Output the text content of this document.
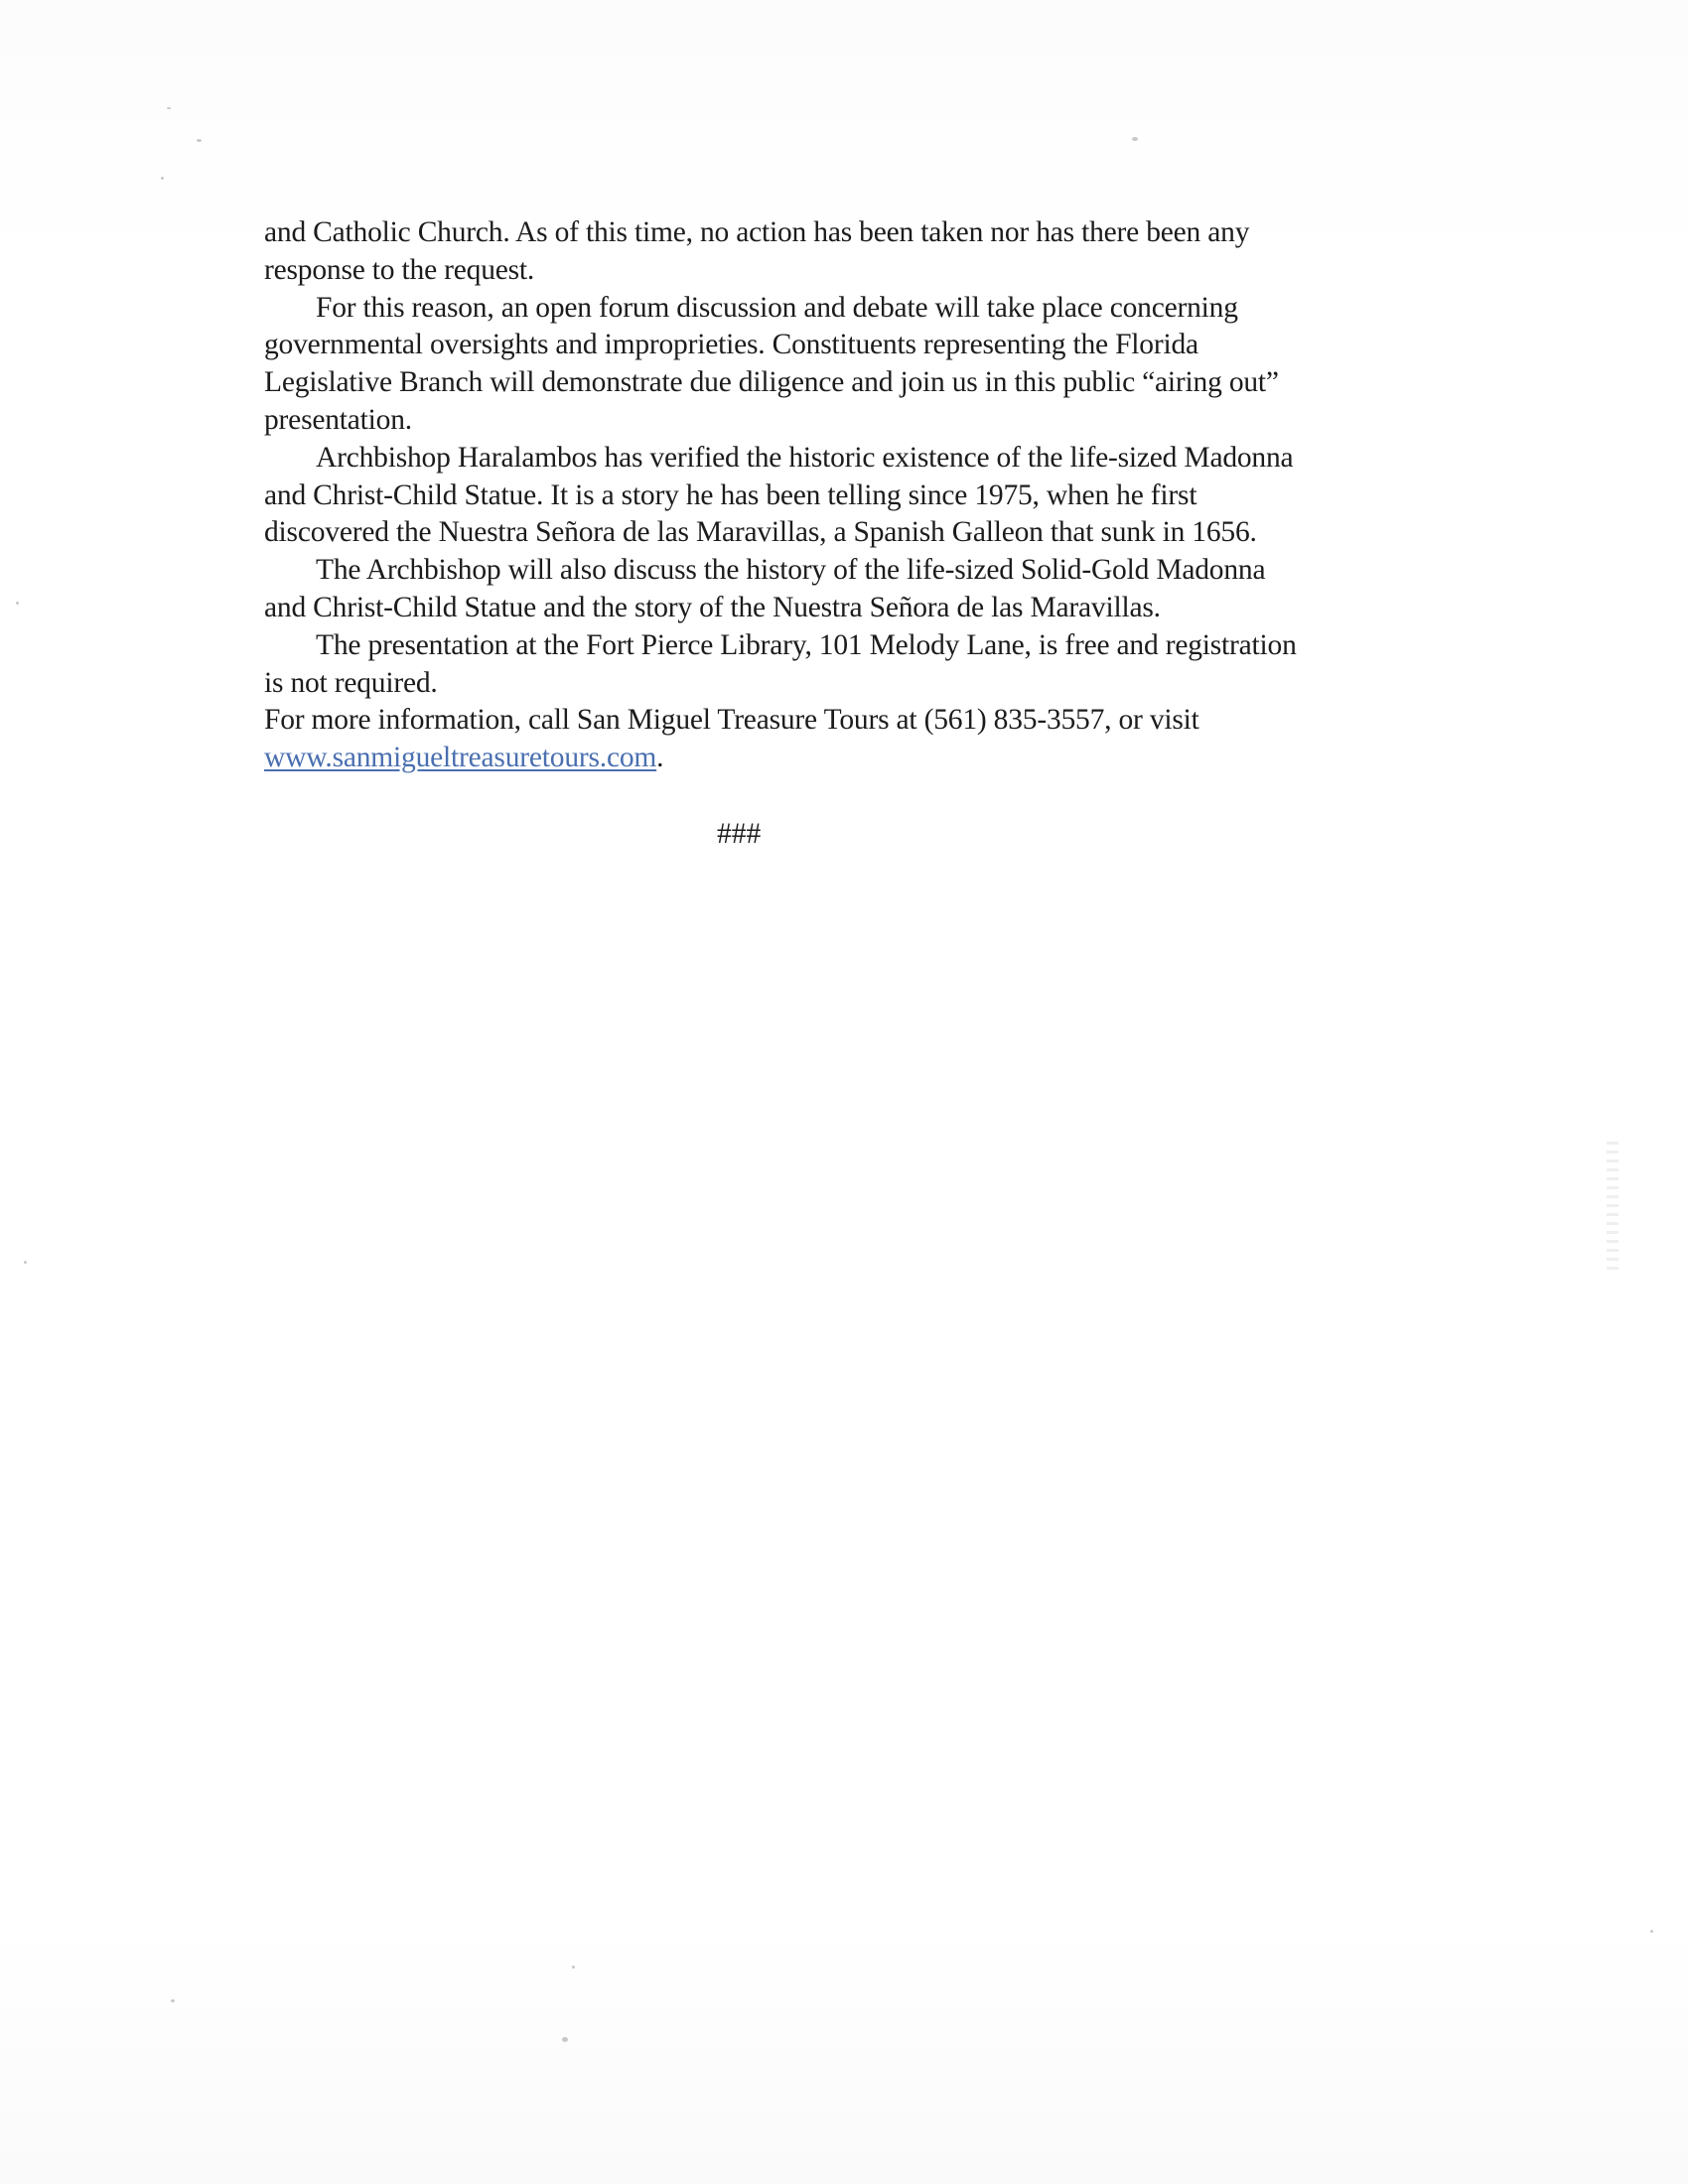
and Catholic Church. As of this time, no action has been taken nor has there been any
response to the request.
For this reason, an open forum discussion and debate will take place concerning
governmental oversights and improprieties. Constituents representing the Florida
Legislative Branch will demonstrate due diligence and join us in this public “airing out”
presentation.
Archbishop Haralambos has verified the historic existence of the life-sized Madonna
and Christ-Child Statue. It is a story he has been telling since 1975, when he first
discovered the Nuestra Señora de las Maravillas, a Spanish Galleon that sunk in 1656.
The Archbishop will also discuss the history of the life-sized Solid-Gold Madonna
and Christ-Child Statue and the story of the Nuestra Señora de las Maravillas.
The presentation at the Fort Pierce Library, 101 Melody Lane, is free and registration
is not required.
For more information, call San Miguel Treasure Tours at (561) 835-3557, or visit
www.sanmigueltreasuretours.com.
###
